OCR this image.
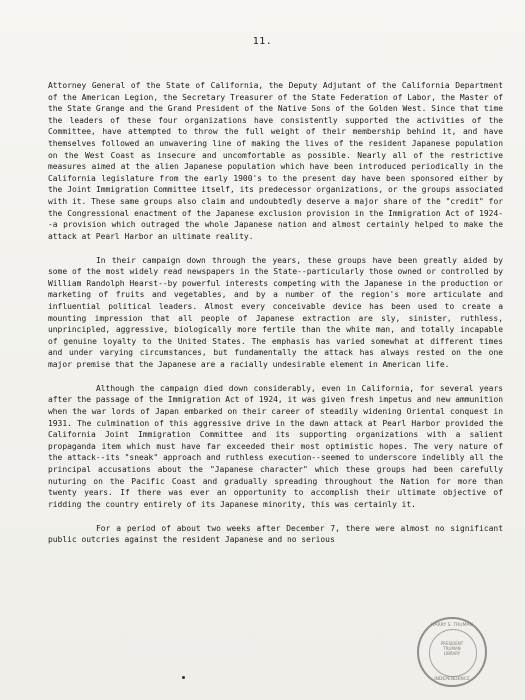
11.

Attorney General of the State of California, the Deputy Adjutant of the California Department of the American Legion, the Secretary Treasurer of the State Federation of Labor, the Master of the State Grange and the Grand President of the Native Sons of the Golden West. Since that time the leaders of these four organizations have consistently supported the activities of the Committee, have attempted to throw the full weight of their membership behind it, and have themselves followed an unwavering line of making the lives of the resident Japanese population on the West Coast as insecure and uncomfortable as possible. Nearly all of the restrictive measures aimed at the alien Japanese population which have been introduced periodically in the California legislature from the early 1900's to the present day have been sponsored either by the Joint Immigration Committee itself, its predecessor organizations, or the groups associated with it. These same groups also claim and undoubtedly deserve a major share of the "credit" for the Congressional enactment of the Japanese exclusion provision in the Immigration Act of 1924--a provision which outraged the whole Japanese nation and almost certainly helped to make the attack at Pearl Harbor an ultimate reality.

In their campaign down through the years, these groups have been greatly aided by some of the most widely read newspapers in the State--particularly those owned or controlled by William Randolph Hearst--by powerful interests competing with the Japanese in the production or marketing of fruits and vegetables, and by a number of the region's more articulate and influential political leaders. Almost every conceivable device has been used to create a mounting impression that all people of Japanese extraction are sly, sinister, ruthless, unprincipled, aggressive, biologically more fertile than the white man, and totally incapable of genuine loyalty to the United States. The emphasis has varied somewhat at different times and under varying circumstances, but fundamentally the attack has always rested on the one major premise that the Japanese are a racially undesirable element in American life.

Although the campaign died down considerably, even in California, for several years after the passage of the Immigration Act of 1924, it was given fresh impetus and new ammunition when the war lords of Japan embarked on their career of steadily widening Oriental conquest in 1931. The culmination of this aggressive drive in the dawn attack at Pearl Harbor provided the California Joint Immigration Committee and its supporting organizations with a salient propaganda item which must have far exceeded their most optimistic hopes. The very nature of the attack--its "sneak" approach and ruthless execution--seemed to underscore indelibly all the principal accusations about the "Japanese character" which these groups had been carefully nuturing on the Pacific Coast and gradually spreading throughout the Nation for more than twenty years. If there was ever an opportunity to accomplish their ultimate objective of ridding the country entirely of its Japanese minority, this was certainly it.

For a period of about two weeks after December 7, there were almost no significant public outcries against the resident Japanese and no serious

HARRY S. TRUMAN
PRESIDENT
TRUMAN
LIBRARY
INDEPENDENCE
